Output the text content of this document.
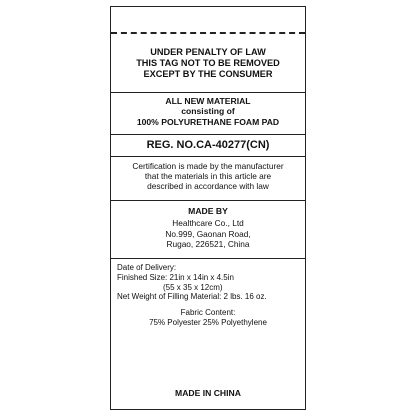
UNDER PENALTY OF LAW
THIS TAG NOT TO BE REMOVED
EXCEPT BY THE CONSUMER
ALL NEW MATERIAL
consisting of
100% POLYURETHANE FOAM PAD
REG. NO.CA-40277(CN)
Certification is made by the manufacturer
that the materials in this article are
described in accordance with law
MADE BY
Healthcare Co., Ltd
No.999, Gaonan Road,
Rugao, 226521, China
Date of Delivery:
Finished Size: 21in x 14in x 4.5in
(55 x 35 x 12cm)
Net Weight of Filling Material: 2 lbs. 16 oz.
Fabric Content:
75% Polyester 25% Polyethylene
MADE IN CHINA
